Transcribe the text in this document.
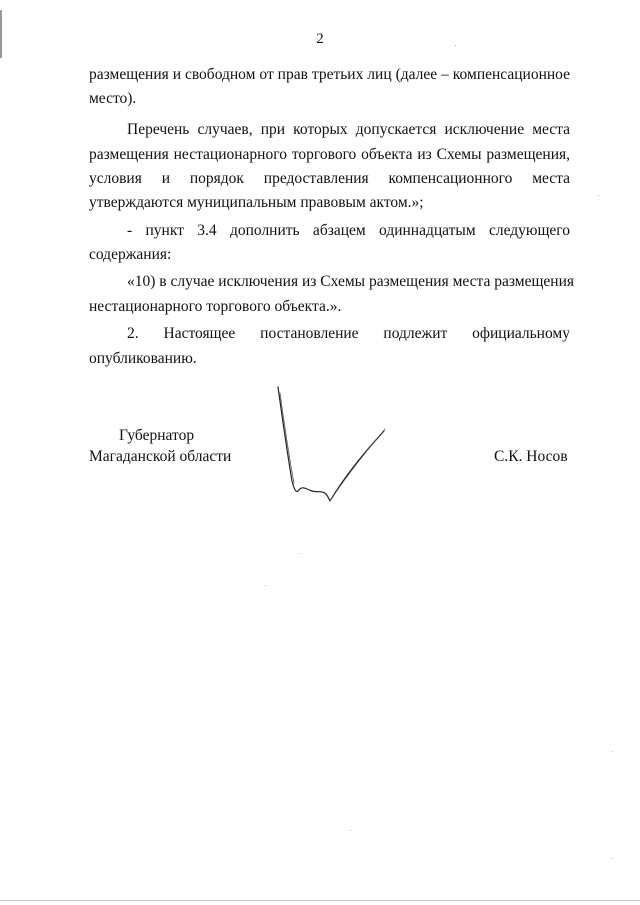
2
размещения и свободном от прав третьих лиц (далее – компенсационное
место).
Перечень случаев, при которых допускается исключение места
размещения нестационарного торгового объекта из Схемы размещения,
условия и порядок предоставления компенсационного места
утверждаются муниципальным правовым актом.»;
- пункт 3.4 дополнить абзацем одиннадцатым следующего
содержания:
«10) в случае исключения из Схемы размещения места размещения
нестационарного торгового объекта.».
2. Настоящее постановление подлежит официальному
опубликованию.
Губернатор
Магаданской области	С.К. Носов
